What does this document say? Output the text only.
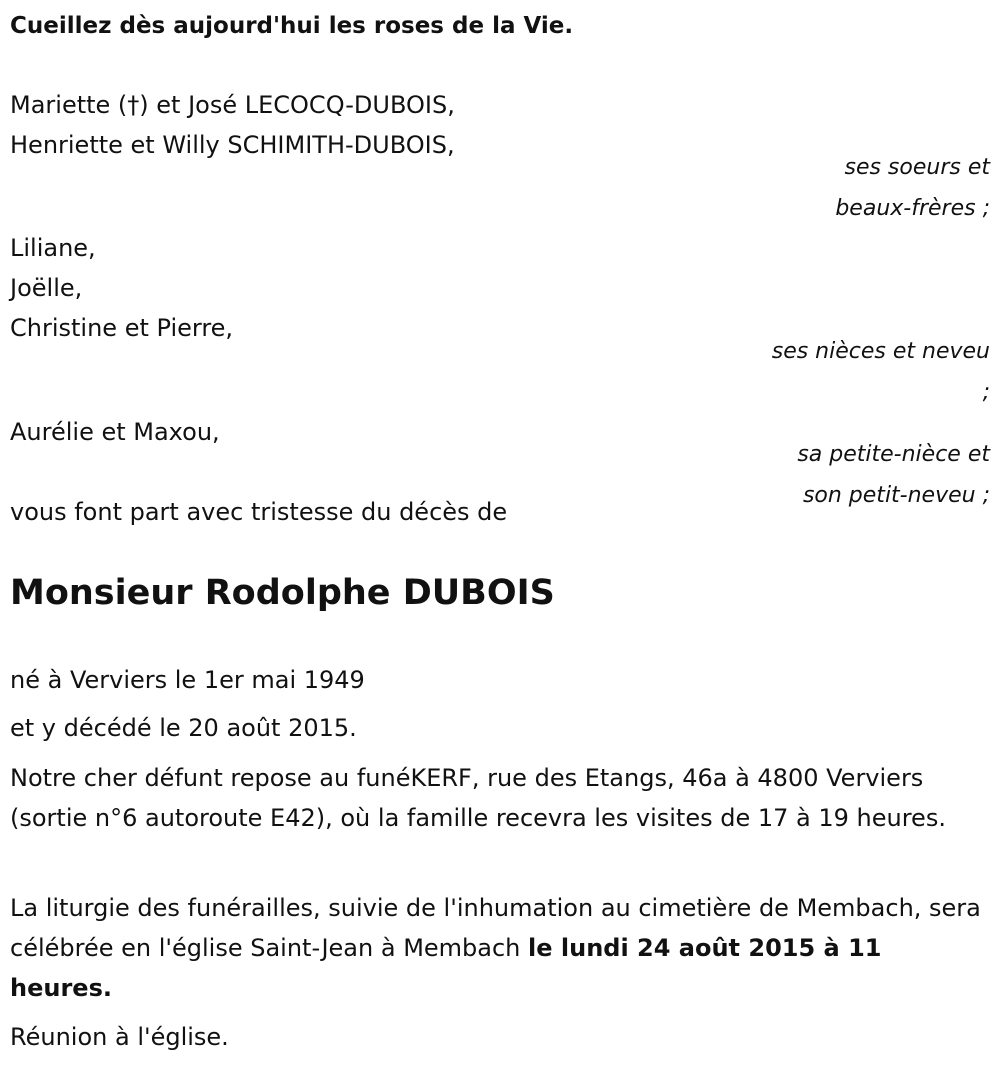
Cueillez dès aujourd'hui les roses de la Vie.
Mariette (†) et José LECOCQ-DUBOIS,
Henriette et Willy SCHIMITH-DUBOIS,
ses soeurs et
beaux-frères ;
Liliane,
Joëlle,
Christine et Pierre,
ses nièces et neveu
;
Aurélie et Maxou,
sa petite-nièce et
son petit-neveu ;
vous font part avec tristesse du décès de
Monsieur Rodolphe DUBOIS
né à Verviers le 1er mai 1949
et y décédé le 20 août 2015.
Notre cher défunt repose au funéKERF, rue des Etangs, 46a à 4800 Verviers (sortie n°6 autoroute E42), où la famille recevra les visites de 17 à 19 heures.
La liturgie des funérailles, suivie de l'inhumation au cimetière de Membach, sera célébrée en l'église Saint-Jean à Membach le lundi 24 août 2015 à 11 heures.
Réunion à l'église.
